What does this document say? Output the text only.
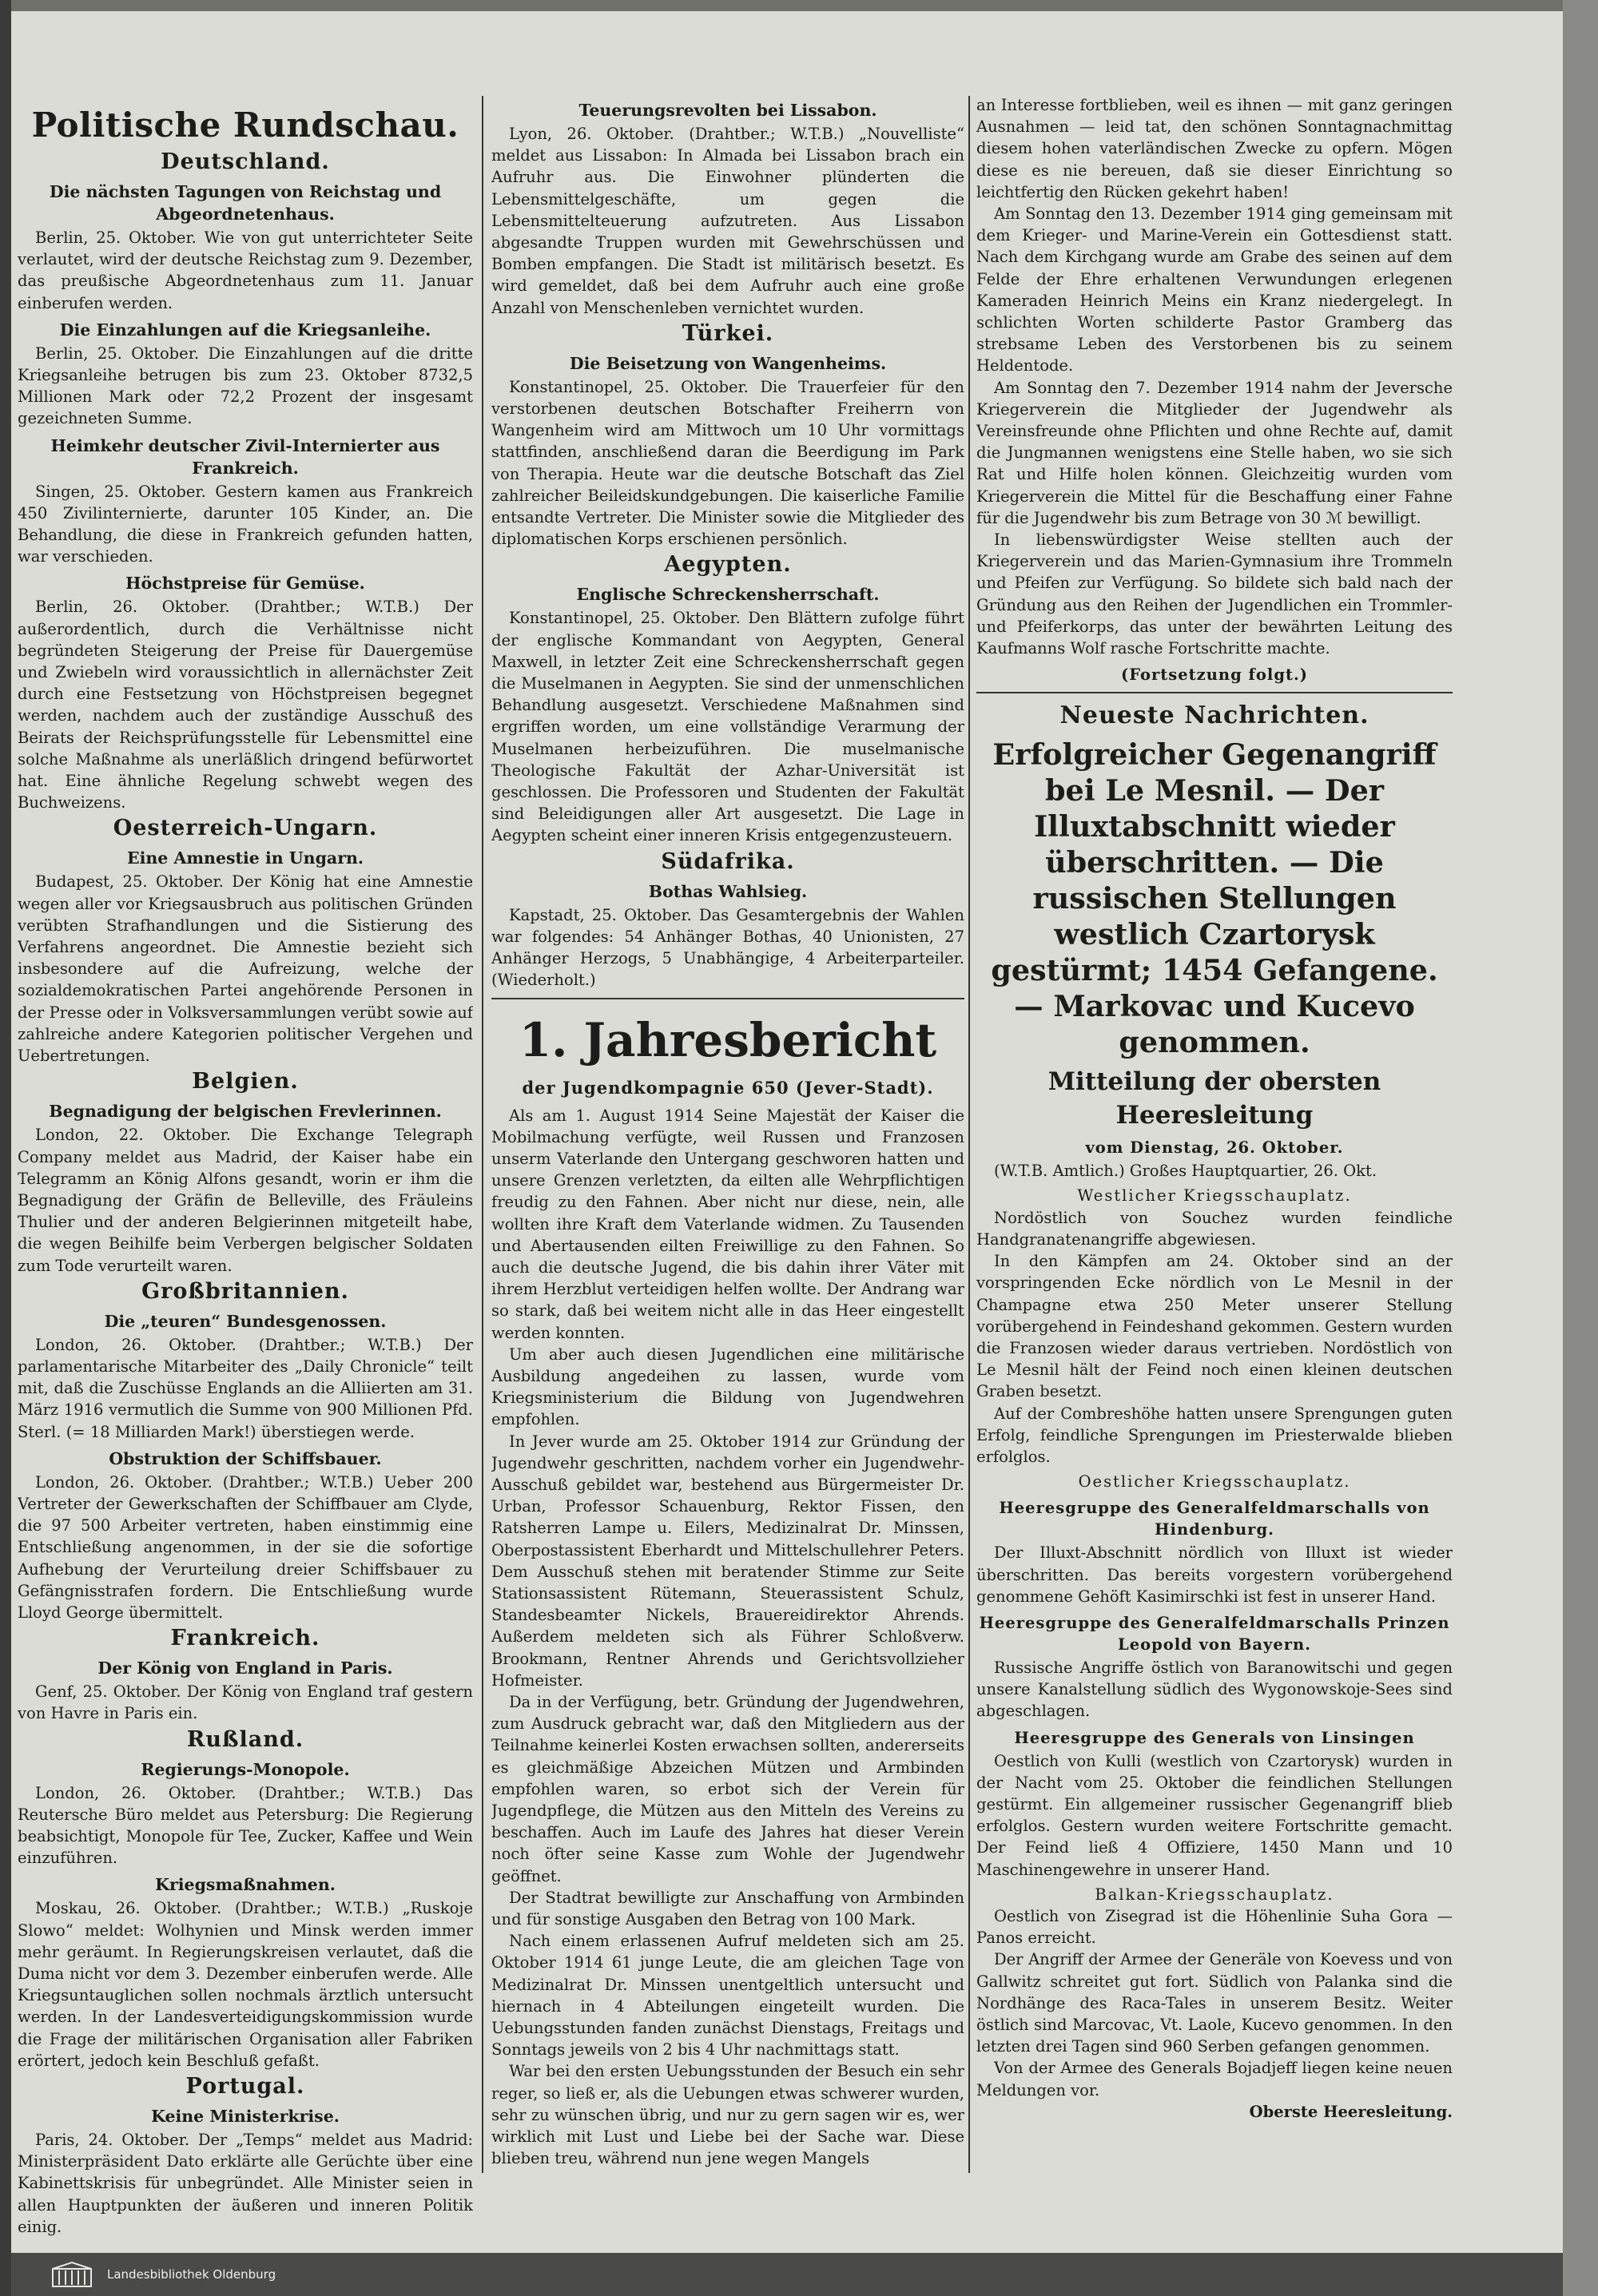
Politische Rundschau.
Deutschland.
Die nächsten Tagungen von Reichstag und Abgeordnetenhaus.

Berlin, 25. Oktober. Wie von gut unterrichteter Seite verlautet, wird der deutsche Reichstag zum 9. Dezember, das preußische Abgeordnetenhaus zum 11. Januar einberufen werden.

Die Einzahlungen auf die Kriegsanleihe.

Berlin, 25. Oktober. Die Einzahlungen auf die dritte Kriegsanleihe betrugen bis zum 23. Oktober 8732,5 Millionen Mark oder 72,2 Prozent der insgesamt gezeichneten Summe.

Heimkehr deutscher Zivil-Internierter aus Frankreich.

Singen, 25. Oktober. Gestern kamen aus Frankreich 450 Zivilinternierte, darunter 105 Kinder, an. Die Behandlung, die diese in Frankreich gefunden hatten, war verschieden.

Höchstpreise für Gemüse.

Berlin, 26. Oktober. (Drahtber.; W.T.B.) Der außerordentlich, durch die Verhältnisse nicht begründeten Steigerung der Preise für Dauergemüse und Zwiebeln wird voraussichtlich in allernächster Zeit durch eine Festsetzung von Höchstpreisen begegnet werden, nachdem auch der zuständige Ausschuß des Beirats der Reichsprüfungsstelle für Lebensmittel eine solche Maßnahme als unerläßlich dringend befürwortet hat. Eine ähnliche Regelung schwebt wegen des Buchweizens.

Oesterreich-Ungarn.
Eine Amnestie in Ungarn.

Budapest, 25. Oktober. Der König hat eine Amnestie wegen aller vor Kriegsausbruch aus politischen Gründen verübten Strafhandlungen und die Sistierung des Verfahrens angeordnet. Die Amnestie bezieht sich insbesondere auf die Aufreizung, welche der sozialdemokratischen Partei angehörende Personen in der Presse oder in Volksversammlungen verübt sowie auf zahlreiche andere Kategorien politischer Vergehen und Uebertretungen.

Belgien.
Begnadigung der belgischen Frevlerinnen.

London, 22. Oktober. Die Exchange Telegraph Company meldet aus Madrid, der Kaiser habe ein Telegramm an König Alfons gesandt, worin er ihm die Begnadigung der Gräfin de Belleville, des Fräuleins Thulier und der anderen Belgierinnen mitgeteilt habe, die wegen Beihilfe beim Verbergen belgischer Soldaten zum Tode verurteilt waren.

Großbritannien.
Die „teuren“ Bundesgenossen.

London, 26. Oktober. (Drahtber.; W.T.B.) Der parlamentarische Mitarbeiter des „Daily Chronicle“ teilt mit, daß die Zuschüsse Englands an die Alliierten am 31. März 1916 vermutlich die Summe von 900 Millionen Pfd. Sterl. (= 18 Milliarden Mark!) überstiegen werde.

Obstruktion der Schiffsbauer.

London, 26. Oktober. (Drahtber.; W.T.B.) Ueber 200 Vertreter der Gewerkschaften der Schiffbauer am Clyde, die 97 500 Arbeiter vertreten, haben einstimmig eine Entschließung angenommen, in der sie die sofortige Aufhebung der Verurteilung dreier Schiffsbauer zu Gefängnisstrafen fordern. Die Entschließung wurde Lloyd George übermittelt.

Frankreich.
Der König von England in Paris.

Genf, 25. Oktober. Der König von England traf gestern von Havre in Paris ein.

Rußland.
Regierungs-Monopole.

London, 26. Oktober. (Drahtber.; W.T.B.) Das Reutersche Büro meldet aus Petersburg: Die Regierung beabsichtigt, Monopole für Tee, Zucker, Kaffee und Wein einzuführen.

Kriegsmaßnahmen.

Moskau, 26. Oktober. (Drahtber.; W.T.B.) „Ruskoje Slowo“ meldet: Wolhynien und Minsk werden immer mehr geräumt. In Regierungskreisen verlautet, daß die Duma nicht vor dem 3. Dezember einberufen werde. Alle Kriegsuntauglichen sollen nochmals ärztlich untersucht werden. In der Landesverteidigungskommission wurde die Frage der militärischen Organisation aller Fabriken erörtert, jedoch kein Beschluß gefaßt.

Portugal.
Keine Ministerkrise.

Paris, 24. Oktober. Der „Temps“ meldet aus Madrid: Ministerpräsident Dato erklärte alle Gerüchte über eine Kabinettskrisis für unbegründet. Alle Minister seien in allen Hauptpunkten der äußeren und inneren Politik einig.

Teuerungsrevolten bei Lissabon.

Lyon, 26. Oktober. (Drahtber.; W.T.B.) „Nouvelliste“ meldet aus Lissabon: In Almada bei Lissabon brach ein Aufruhr aus. Die Einwohner plünderten die Lebensmittelgeschäfte, um gegen die Lebensmittelteuerung aufzutreten. Aus Lissabon abgesandte Truppen wurden mit Gewehrschüssen und Bomben empfangen. Die Stadt ist militärisch besetzt. Es wird gemeldet, daß bei dem Aufruhr auch eine große Anzahl von Menschenleben vernichtet wurden.

Türkei.
Die Beisetzung von Wangenheims.

Konstantinopel, 25. Oktober. Die Trauerfeier für den verstorbenen deutschen Botschafter Freiherrn von Wangenheim wird am Mittwoch um 10 Uhr vormittags stattfinden, anschließend daran die Beerdigung im Park von Therapia. Heute war die deutsche Botschaft das Ziel zahlreicher Beileidskundgebungen. Die kaiserliche Familie entsandte Vertreter. Die Minister sowie die Mitglieder des diplomatischen Korps erschienen persönlich.

Aegypten.
Englische Schreckensherrschaft.

Konstantinopel, 25. Oktober. Den Blättern zufolge führt der englische Kommandant von Aegypten, General Maxwell, in letzter Zeit eine Schreckensherrschaft gegen die Muselmanen in Aegypten. Sie sind der unmenschlichen Behandlung ausgesetzt. Verschiedene Maßnahmen sind ergriffen worden, um eine vollständige Verarmung der Muselmanen herbeizuführen. Die muselmanische Theologische Fakultät der Azhar-Universität ist geschlossen. Die Professoren und Studenten der Fakultät sind Beleidigungen aller Art ausgesetzt. Die Lage in Aegypten scheint einer inneren Krisis entgegenzusteuern.

Südafrika.
Bothas Wahlsieg.

Kapstadt, 25. Oktober. Das Gesamtergebnis der Wahlen war folgendes: 54 Anhänger Bothas, 40 Unionisten, 27 Anhänger Herzogs, 5 Unabhängige, 4 Arbeiterparteiler. (Wiederholt.)

1. Jahresbericht
der Jugendkompagnie 650 (Jever-Stadt).

Als am 1. August 1914 Seine Majestät der Kaiser die Mobilmachung verfügte, weil Russen und Franzosen unserm Vaterlande den Untergang geschworen hatten und unsere Grenzen verletzten, da eilten alle Wehrpflichtigen freudig zu den Fahnen. Aber nicht nur diese, nein, alle wollten ihre Kraft dem Vaterlande widmen. Zu Tausenden und Abertausenden eilten Freiwillige zu den Fahnen. So auch die deutsche Jugend, die bis dahin ihrer Väter mit ihrem Herzblut verteidigen helfen wollte. Der Andrang war so stark, daß bei weitem nicht alle in das Heer eingestellt werden konnten.

Um aber auch diesen Jugendlichen eine militärische Ausbildung angedeihen zu lassen, wurde vom Kriegsministerium die Bildung von Jugendwehren empfohlen.

In Jever wurde am 25. Oktober 1914 zur Gründung der Jugendwehr geschritten, nachdem vorher ein Jugendwehr-Ausschuß gebildet war, bestehend aus Bürgermeister Dr. Urban, Professor Schauenburg, Rektor Fissen, den Ratsherren Lampe u. Eilers, Medizinalrat Dr. Minssen, Oberpostassistent Eberhardt und Mittelschullehrer Peters. Dem Ausschuß stehen mit beratender Stimme zur Seite Stationsassistent Rütemann, Steuerassistent Schulz, Standesbeamter Nickels, Brauereidirektor Ahrends. Außerdem meldeten sich als Führer Schloßverw. Brookmann, Rentner Ahrends und Gerichtsvollzieher Hofmeister.

Da in der Verfügung, betr. Gründung der Jugendwehren, zum Ausdruck gebracht war, daß den Mitgliedern aus der Teilnahme keinerlei Kosten erwachsen sollten, andererseits es gleichmäßige Abzeichen Mützen und Armbinden empfohlen waren, so erbot sich der Verein für Jugendpflege, die Mützen aus den Mitteln des Vereins zu beschaffen. Auch im Laufe des Jahres hat dieser Verein noch öfter seine Kasse zum Wohle der Jugendwehr geöffnet.

Der Stadtrat bewilligte zur Anschaffung von Armbinden und für sonstige Ausgaben den Betrag von 100 Mark.

Nach einem erlassenen Aufruf meldeten sich am 25. Oktober 1914 61 junge Leute, die am gleichen Tage von Medizinalrat Dr. Minssen unentgeltlich untersucht und hiernach in 4 Abteilungen eingeteilt wurden. Die Uebungsstunden fanden zunächst Dienstags, Freitags und Sonntags jeweils von 2 bis 4 Uhr nachmittags statt.

War bei den ersten Uebungsstunden der Besuch ein sehr reger, so ließ er, als die Uebungen etwas schwerer wurden, sehr zu wünschen übrig, und nur zu gern sagen wir es, wer wirklich mit Lust und Liebe bei der Sache war. Diese blieben treu, während nun jene wegen Mangels

an Interesse fortblieben, weil es ihnen — mit ganz geringen Ausnahmen — leid tat, den schönen Sonntagnachmittag diesem hohen vaterländischen Zwecke zu opfern. Mögen diese es nie bereuen, daß sie dieser Einrichtung so leichtfertig den Rücken gekehrt haben!

Am Sonntag den 13. Dezember 1914 ging gemeinsam mit dem Krieger- und Marine-Verein ein Gottesdienst statt. Nach dem Kirchgang wurde am Grabe des seinen auf dem Felde der Ehre erhaltenen Verwundungen erlegenen Kameraden Heinrich Meins ein Kranz niedergelegt. In schlichten Worten schilderte Pastor Gramberg das strebsame Leben des Verstorbenen bis zu seinem Heldentode.

Am Sonntag den 7. Dezember 1914 nahm der Jeversche Kriegerverein die Mitglieder der Jugendwehr als Vereinsfreunde ohne Pflichten und ohne Rechte auf, damit die Jungmannen wenigstens eine Stelle haben, wo sie sich Rat und Hilfe holen können. Gleichzeitig wurden vom Kriegerverein die Mittel für die Beschaffung einer Fahne für die Jugendwehr bis zum Betrage von 30 ℳ bewilligt.

In liebenswürdigster Weise stellten auch der Kriegerverein und das Marien-Gymnasium ihre Trommeln und Pfeifen zur Verfügung. So bildete sich bald nach der Gründung aus den Reihen der Jugendlichen ein Trommler- und Pfeiferkorps, das unter der bewährten Leitung des Kaufmanns Wolf rasche Fortschritte machte.

(Fortsetzung folgt.)
Neueste Nachrichten.
Erfolgreicher Gegenangriff bei Le Mesnil. — Der Illuxtabschnitt wieder überschritten. — Die russischen Stellungen westlich Czartorysk gestürmt; 1454 Gefangene. — Markovac und Kucevo genommen.
Mitteilung der obersten Heeresleitung
vom Dienstag, 26. Oktober.

(W.T.B. Amtlich.) Großes Hauptquartier, 26. Okt.

Westlicher Kriegsschauplatz.

Nordöstlich von Souchez wurden feindliche Handgranatenangriffe abgewiesen.

In den Kämpfen am 24. Oktober sind an der vorspringenden Ecke nördlich von Le Mesnil in der Champagne etwa 250 Meter unserer Stellung vorübergehend in Feindeshand gekommen. Gestern wurden die Franzosen wieder daraus vertrieben. Nordöstlich von Le Mesnil hält der Feind noch einen kleinen deutschen Graben besetzt.

Auf der Combreshöhe hatten unsere Sprengungen guten Erfolg, feindliche Sprengungen im Priesterwalde blieben erfolglos.

Oestlicher Kriegsschauplatz.
Heeresgruppe des Generalfeldmarschalls von Hindenburg.

Der Illuxt-Abschnitt nördlich von Illuxt ist wieder überschritten. Das bereits vorgestern vorübergehend genommene Gehöft Kasimirschki ist fest in unserer Hand.

Heeresgruppe des Generalfeldmarschalls Prinzen Leopold von Bayern.

Russische Angriffe östlich von Baranowitschi und gegen unsere Kanalstellung südlich des Wygonowskoje-Sees sind abgeschlagen.

Heeresgruppe des Generals von Linsingen

Oestlich von Kulli (westlich von Czartorysk) wurden in der Nacht vom 25. Oktober die feindlichen Stellungen gestürmt. Ein allgemeiner russischer Gegenangriff blieb erfolglos. Gestern wurden weitere Fortschritte gemacht. Der Feind ließ 4 Offiziere, 1450 Mann und 10 Maschinengewehre in unserer Hand.

Balkan-Kriegsschauplatz.

Oestlich von Zisegrad ist die Höhenlinie Suha Gora — Panos erreicht.

Der Angriff der Armee der Generäle von Koevess und von Gallwitz schreitet gut fort. Südlich von Palanka sind die Nordhänge des Raca-Tales in unserem Besitz. Weiter östlich sind Marcovac, Vt. Laole, Kucevo genommen. In den letzten drei Tagen sind 960 Serben gefangen genommen.

Von der Armee des Generals Bojadjeff liegen keine neuen Meldungen vor.

Oberste Heeresleitung.

Landesbibliothek Oldenburg
